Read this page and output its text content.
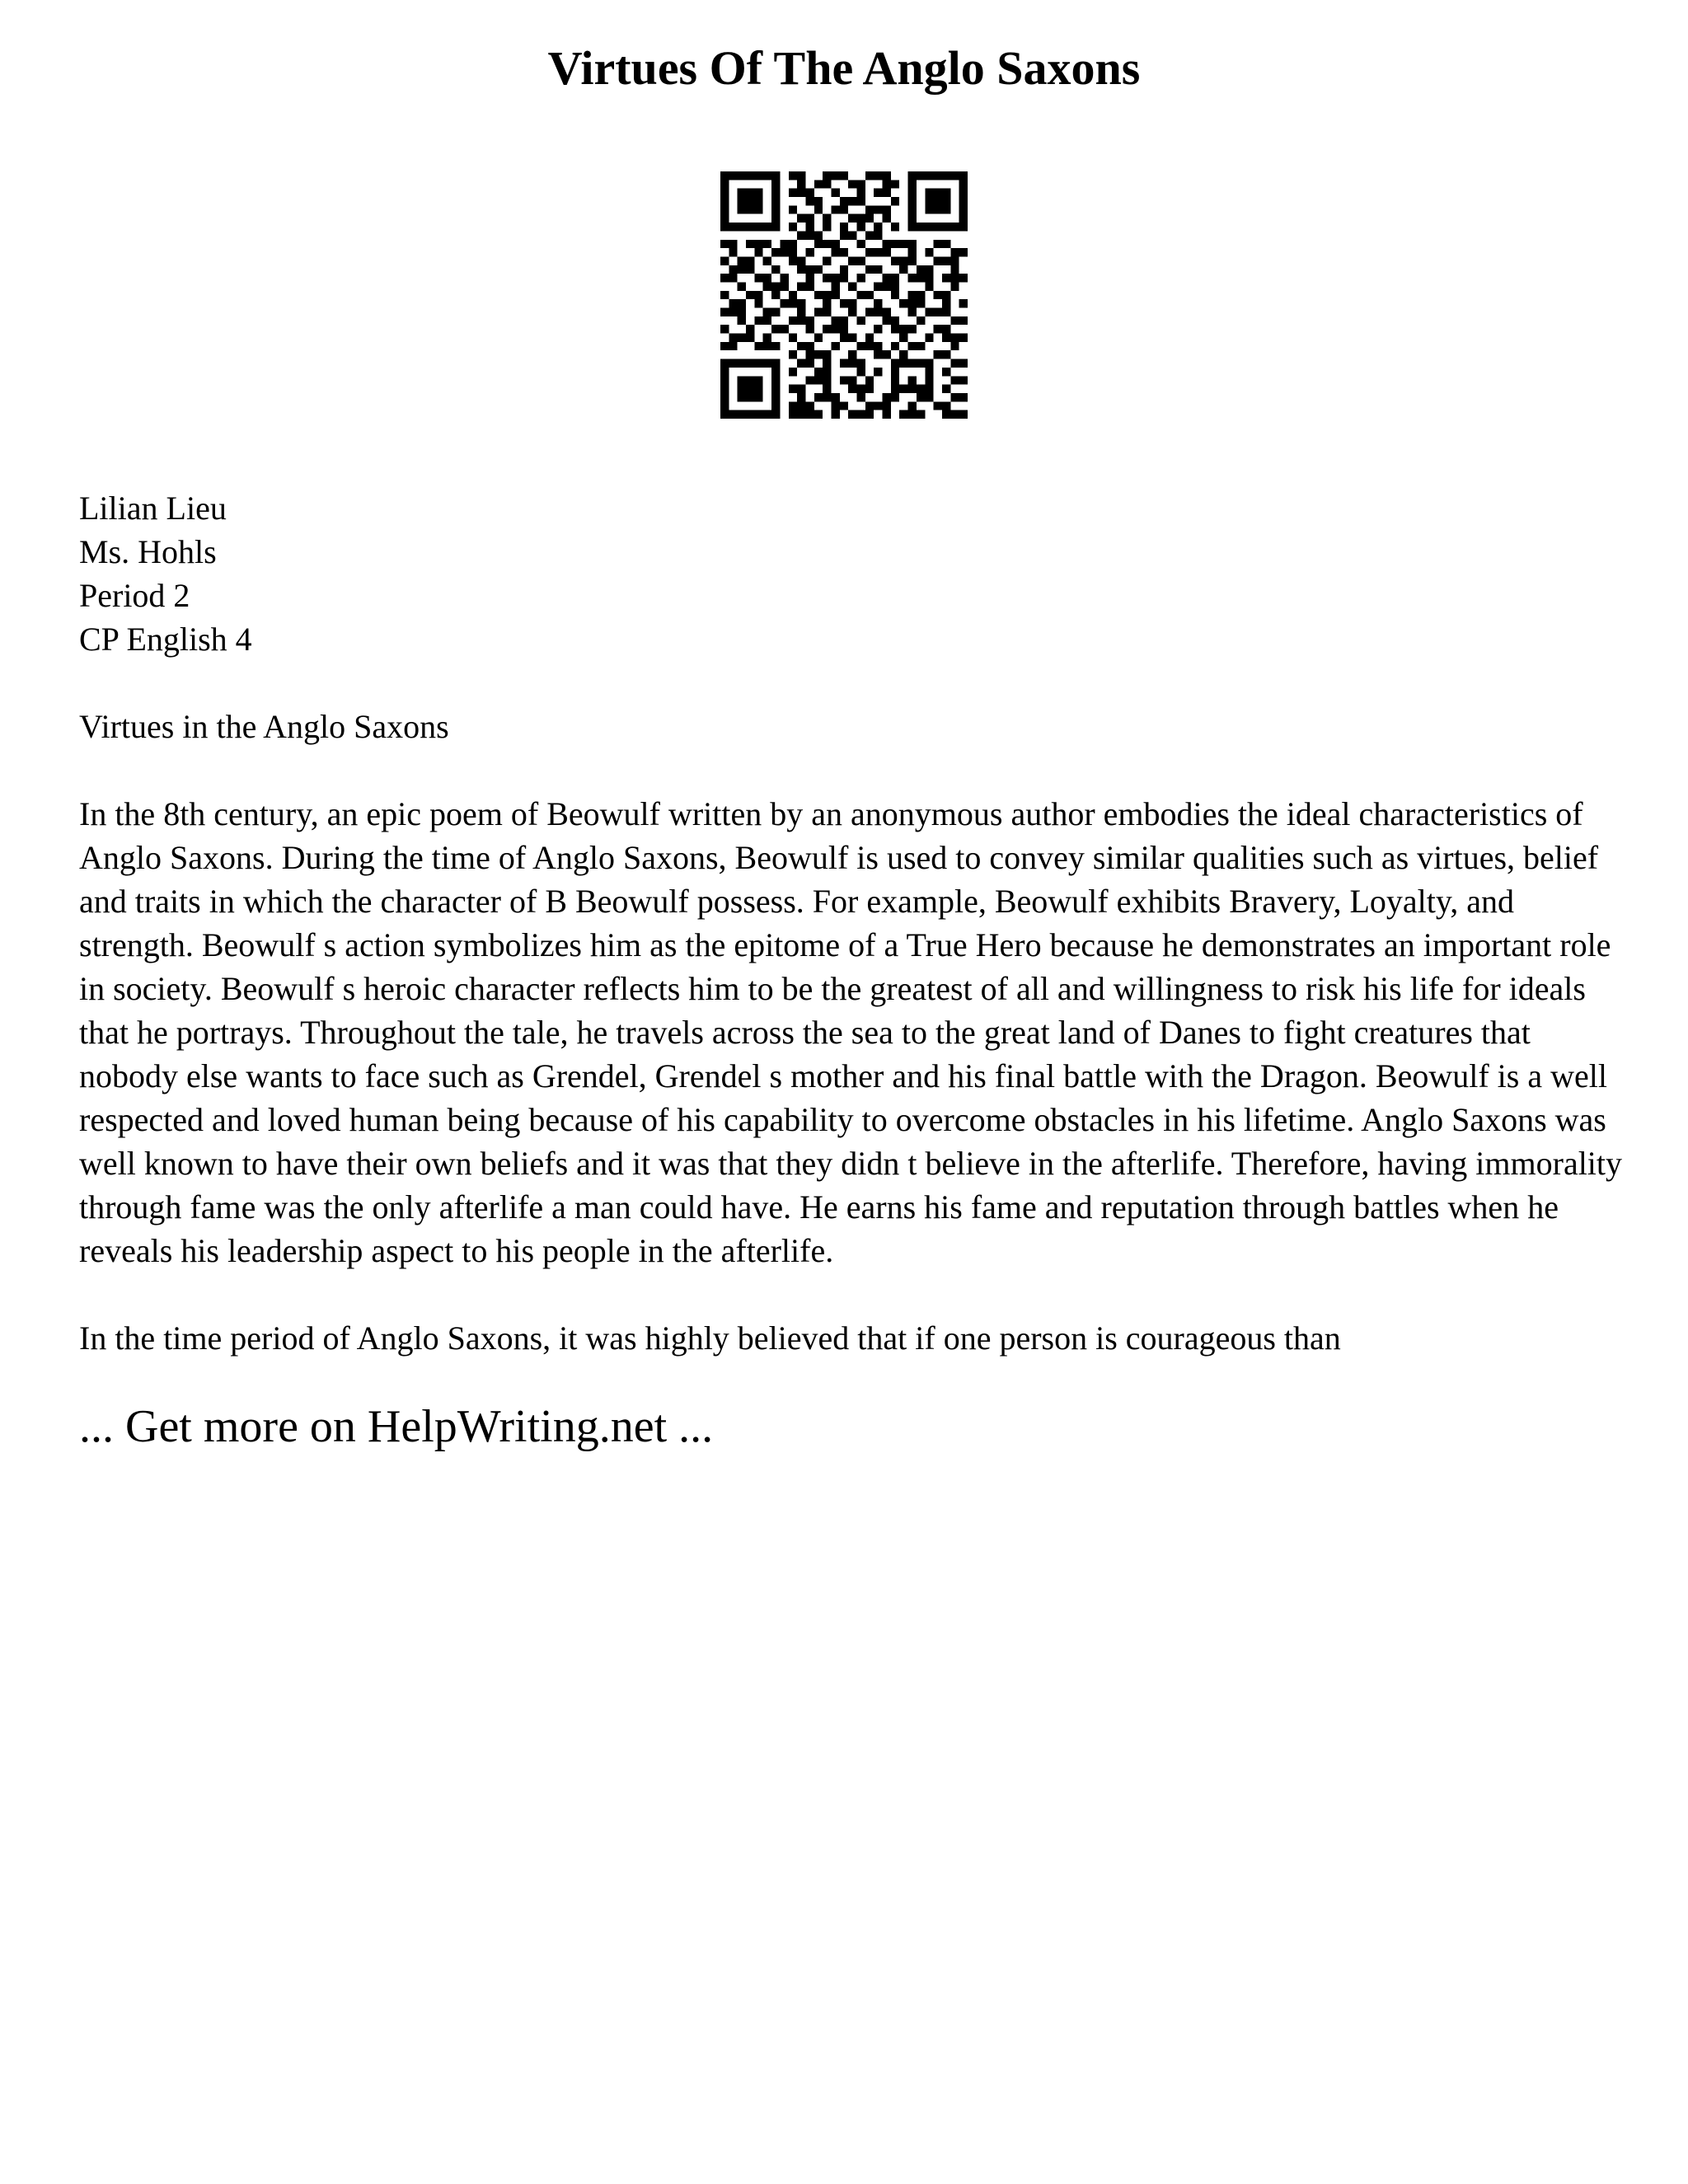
Virtues Of The Anglo Saxons
Lilian Lieu
Ms. Hohls
Period 2
CP English 4

Virtues in the Anglo Saxons

In the 8th century, an epic poem of Beowulf written by an anonymous author embodies the ideal characteristics of Anglo Saxons. During the time of Anglo Saxons, Beowulf is used to convey similar qualities such as virtues, belief and traits in which the character of B Beowulf possess. For example, Beowulf exhibits Bravery, Loyalty, and strength. Beowulf s action symbolizes him as the epitome of a True Hero because he demonstrates an important role in society. Beowulf s heroic character reflects him to be the greatest of all and willingness to risk his life for ideals that he portrays. Throughout the tale, he travels across the sea to the great land of Danes to fight creatures that nobody else wants to face such as Grendel, Grendel s mother and his final battle with the Dragon. Beowulf is a well respected and loved human being because of his capability to overcome obstacles in his lifetime. Anglo Saxons was well known to have their own beliefs and it was that they didn t believe in the afterlife. Therefore, having immorality through fame was the only afterlife a man could have. He earns his fame and reputation through battles when he reveals his leadership aspect to his people in the afterlife.

In the time period of Anglo Saxons, it was highly believed that if one person is courageous than

... Get more on HelpWriting.net ...
